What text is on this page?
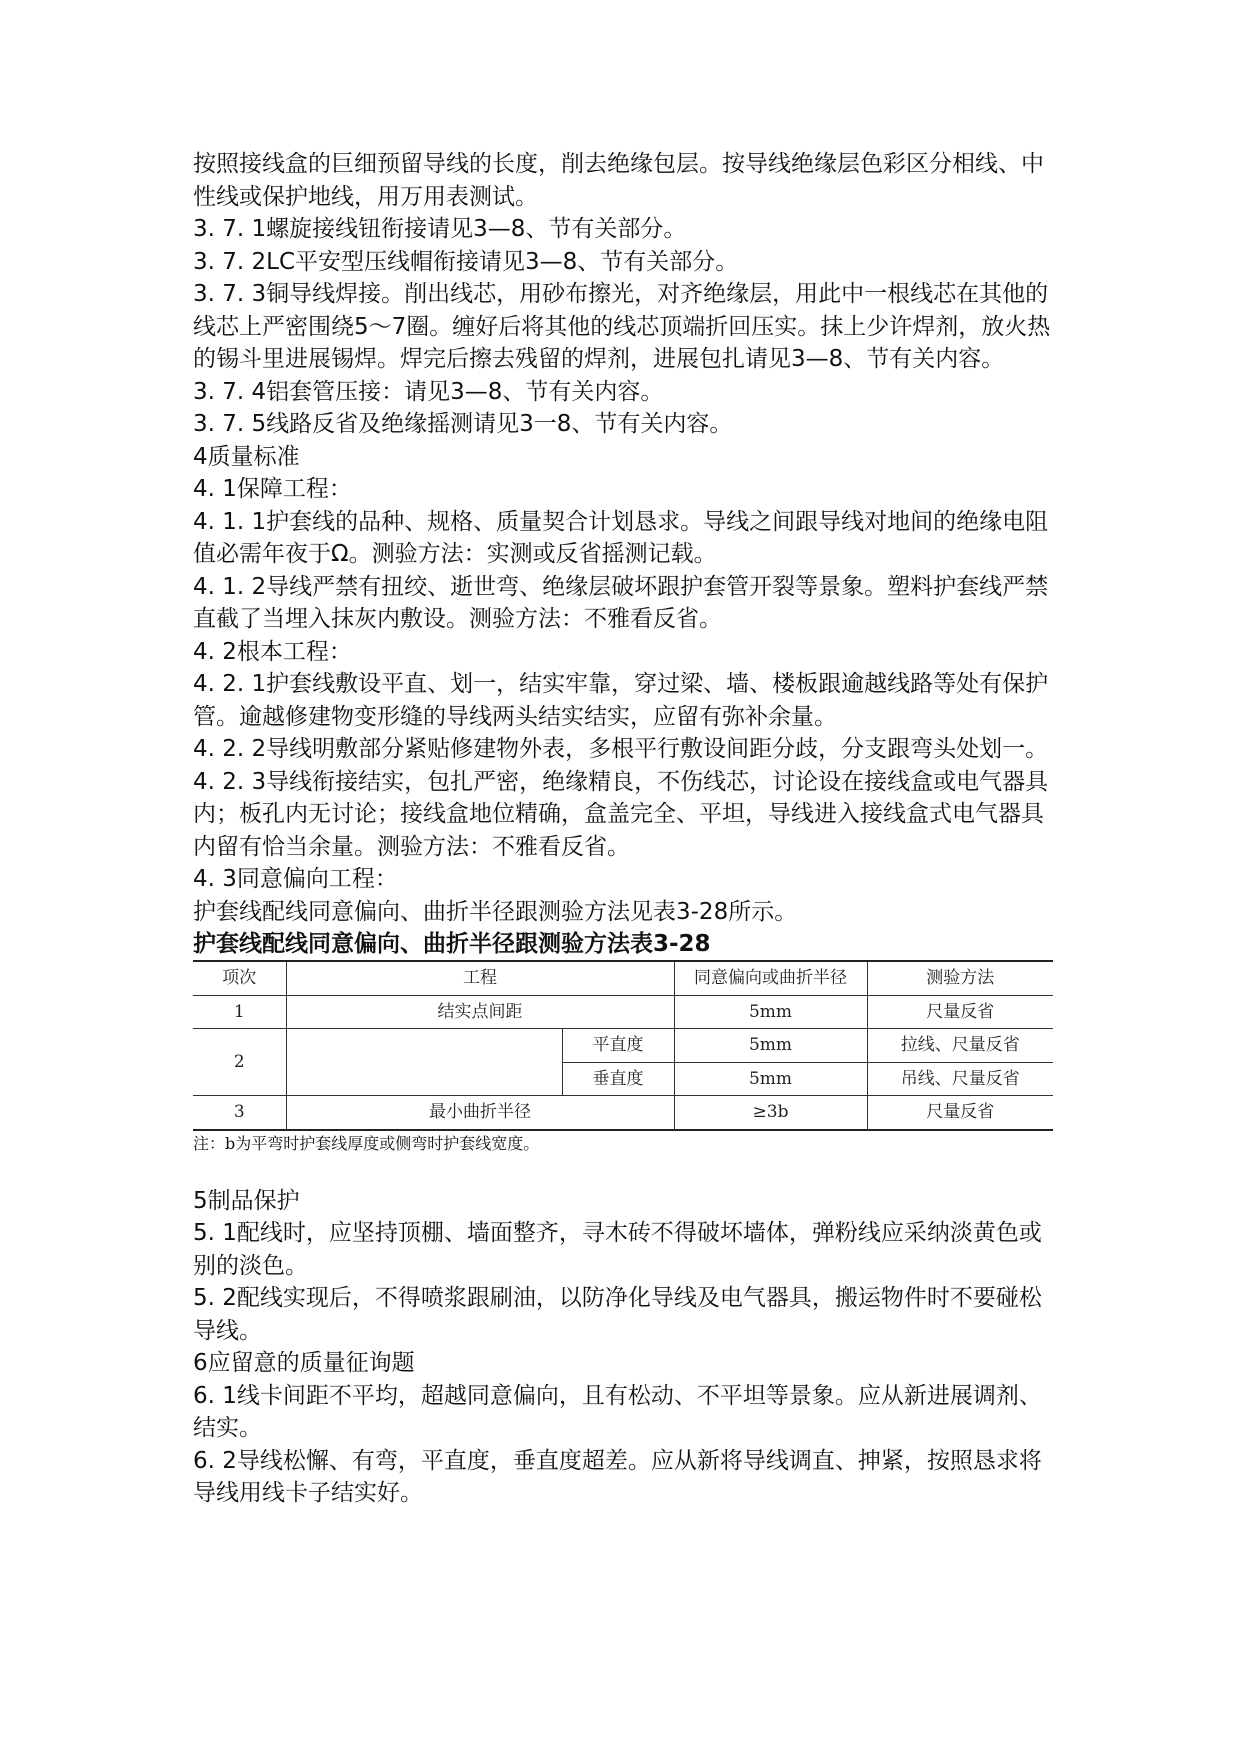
按照接线盒的巨细预留导线的长度，削去绝缘包层。按导线绝缘层色彩区分相线、中性线或保护地线，用万用表测试。

3. 7. 1螺旋接线钮衔接请见3—8、节有关部分。

3. 7. 2LC平安型压线帽衔接请见3—8、节有关部分。

3. 7. 3铜导线焊接。削出线芯，用砂布擦光，对齐绝缘层，用此中一根线芯在其他的线芯上严密围绕5～7圈。缠好后将其他的线芯顶端折回压实。抹上少许焊剂，放火热的锡斗里进展锡焊。焊完后擦去残留的焊剂，进展包扎请见3—8、节有关内容。

3. 7. 4铝套管压接：请见3—8、节有关内容。

3. 7. 5线路反省及绝缘摇测请见3一8、节有关内容。

4质量标准

4. 1保障工程：

4. 1. 1护套线的品种、规格、质量契合计划恳求。导线之间跟导线对地间的绝缘电阻值必需年夜于Ω。测验方法：实测或反省摇测记载。

4. 1. 2导线严禁有扭绞、逝世弯、绝缘层破坏跟护套管开裂等景象。塑料护套线严禁直截了当埋入抹灰内敷设。测验方法：不雅看反省。

4. 2根本工程：

4. 2. 1护套线敷设平直、划一，结实牢靠，穿过梁、墙、楼板跟逾越线路等处有保护管。逾越修建物变形缝的导线两头结实结实，应留有弥补余量。

4. 2. 2导线明敷部分紧贴修建物外表，多根平行敷设间距分歧，分支跟弯头处划一。

4. 2. 3导线衔接结实，包扎严密，绝缘精良，不伤线芯，讨论设在接线盒或电气器具内；板孔内无讨论；接线盒地位精确，盒盖完全、平坦，导线进入接线盒式电气器具内留有恰当余量。测验方法：不雅看反省。

4. 3同意偏向工程：

护套线配线同意偏向、曲折半径跟测验方法见表3-28所示。

护套线配线同意偏向、曲折半径跟测验方法表3-28

项次	工程		同意偏向或曲折半径	测验方法
1	结实点间距		5mm	尺量反省
2		平直度	5mm	拉线、尺量反省
		垂直度	5mm	吊线、尺量反省
3	最小曲折半径		≥3b	尺量反省

注：b为平弯时护套线厚度或侧弯时护套线宽度。

5制品保护

5. 1配线时，应坚持顶棚、墙面整齐，寻木砖不得破坏墙体，弹粉线应采纳淡黄色或别的淡色。

5. 2配线实现后，不得喷浆跟刷油，以防净化导线及电气器具，搬运物件时不要碰松导线。

6应留意的质量征询题

6. 1线卡间距不平均，超越同意偏向，且有松动、不平坦等景象。应从新进展调剂、结实。

6. 2导线松懈、有弯，平直度，垂直度超差。应从新将导线调直、抻紧，按照恳求将导线用线卡子结实好。
